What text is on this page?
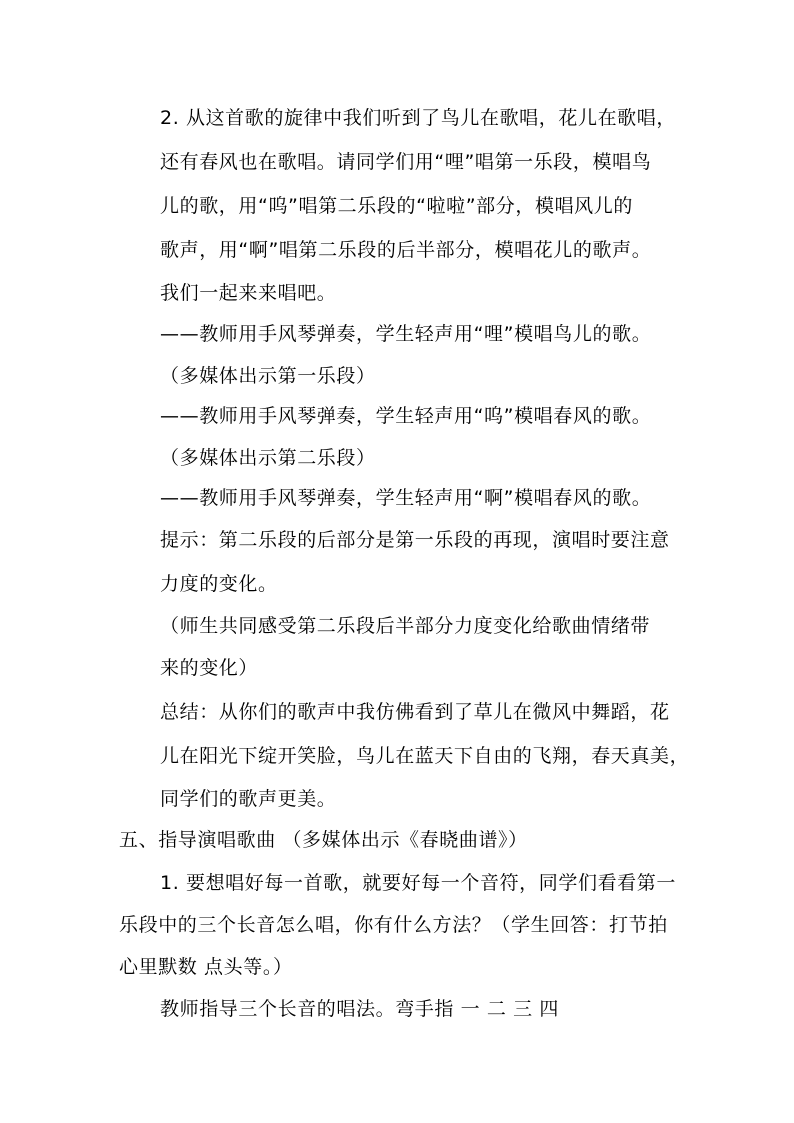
2. 从这首歌的旋律中我们听到了鸟儿在歌唱，花儿在歌唱，
还有春风也在歌唱。请同学们用“哩”唱第一乐段，模唱鸟
儿的歌，用“呜”唱第二乐段的“啦啦”部分，模唱风儿的
歌声，用“啊”唱第二乐段的后半部分，模唱花儿的歌声。
我们一起来来唱吧。
——教师用手风琴弹奏，学生轻声用“哩”模唱鸟儿的歌。
（多媒体出示第一乐段）
——教师用手风琴弹奏，学生轻声用“呜”模唱春风的歌。
（多媒体出示第二乐段）
——教师用手风琴弹奏，学生轻声用“啊”模唱春风的歌。
提示：第二乐段的后部分是第一乐段的再现，演唱时要注意
力度的变化。
（师生共同感受第二乐段后半部分力度变化给歌曲情绪带
来的变化）
总结：从你们的歌声中我仿佛看到了草儿在微风中舞蹈，花
儿在阳光下绽开笑脸，鸟儿在蓝天下自由的飞翔，春天真美，
同学们的歌声更美。
五、指导演唱歌曲 （多媒体出示《春晓曲谱》）
1. 要想唱好每一首歌，就要好每一个音符，同学们看看第一
乐段中的三个长音怎么唱，你有什么方法？（学生回答：打节拍
心里默数 点头等。）
教师指导三个长音的唱法。弯手指 一 二 三 四
